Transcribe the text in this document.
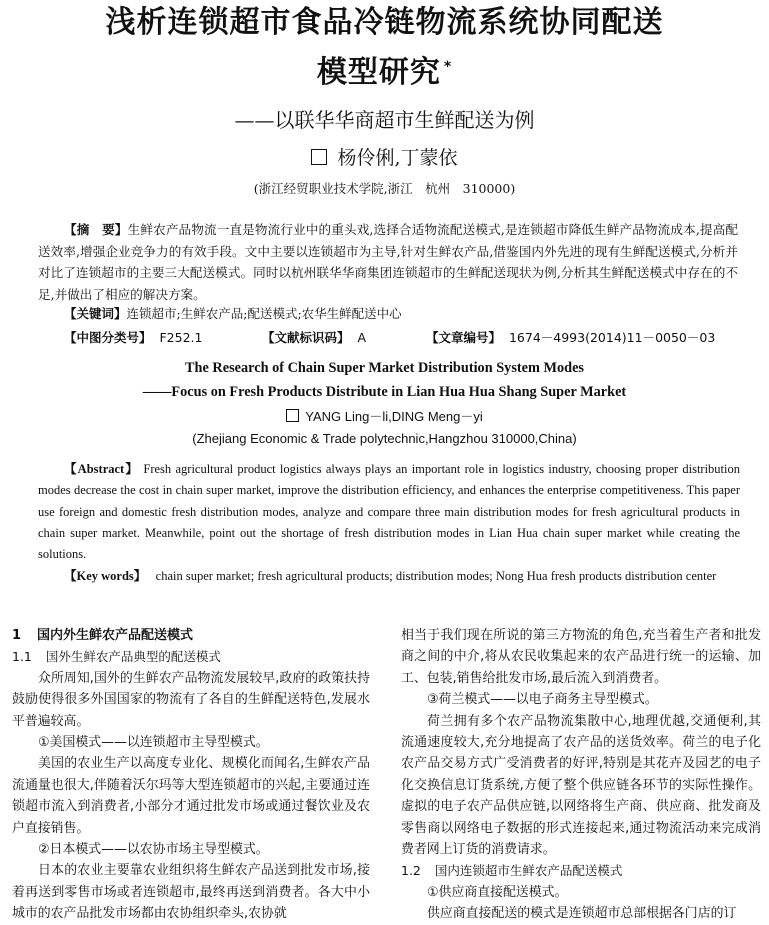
浅析连锁超市食品冷链物流系统协同配送
模型研究 *
——以联华华商超市生鲜配送为例
杨伶俐,丁蒙依
(浙江经贸职业技术学院,浙江　杭州　310000)
【摘　要】生鲜农产品物流一直是物流行业中的重头戏,选择合适物流配送模式,是连锁超市降低生鲜产品物流成本,提高配送效率,增强企业竞争力的有效手段。文中主要以连锁超市为主导,针对生鲜农产品,借鉴国内外先进的现有生鲜配送模式,分析并对比了连锁超市的主要三大配送模式。同时以杭州联华华商集团连锁超市的生鲜配送现状为例,分析其生鲜配送模式中存在的不足,并做出了相应的解决方案。
【关键词】连锁超市;生鲜农产品;配送模式;农华生鲜配送中心
【中图分类号】 F252.1	【文献标识码】 A	【文章编号】 1674－4993(2014)11－0050－03
The Research of Chain Super Market Distribution System Modes
——Focus on Fresh Products Distribute in Lian Hua Hua Shang Super Market
YANG Ling－li,DING Meng－yi
(Zhejiang Economic & Trade polytechnic,Hangzhou 310000,China)
【Abstract】 Fresh agricultural product logistics always plays an important role in logistics industry, choosing proper distribution modes decrease the cost in chain super market, improve the distribution efficiency, and enhances the enterprise competitiveness. This paper use foreign and domestic fresh distribution modes, analyze and compare three main distribution modes for fresh agricultural products in chain super market. Meanwhile, point out the shortage of fresh distribution modes in Lian Hua chain super market while creating the solutions.
【Key words】 chain super market; fresh agricultural products; distribution modes; Nong Hua fresh products distribution center

1 国内外生鲜农产品配送模式

1.1 国外生鲜农产品典型的配送模式

众所周知,国外的生鲜农产品物流发展较早,政府的政策扶持鼓励使得很多外国国家的物流有了各自的生鲜配送特色,发展水平普遍较高。

①美国模式——以连锁超市主导型模式。

美国的农业生产以高度专业化、规模化而闻名,生鲜农产品流通量也很大,伴随着沃尔玛等大型连锁超市的兴起,主要通过连锁超市流入到消费者,小部分才通过批发市场或通过餐饮业及农户直接销售。

②日本模式——以农协市场主导型模式。

日本的农业主要靠农业组织将生鲜农产品送到批发市场,接着再送到零售市场或者连锁超市,最终再送到消费者。各大中小城市的农产品批发市场都由农协组织牵头,农协就

相当于我们现在所说的第三方物流的角色,充当着生产者和批发商之间的中介,将从农民收集起来的农产品进行统一的运输、加工、包装,销售给批发市场,最后流入到消费者。

③荷兰模式——以电子商务主导型模式。

荷兰拥有多个农产品物流集散中心,地理优越,交通便利,其流通速度较大,充分地提高了农产品的送货效率。荷兰的电子化农产品交易方式广受消费者的好评,特别是其花卉及园艺的电子化交换信息订货系统,方便了整个供应链各环节的实际性操作。虚拟的电子农产品供应链,以网络将生产商、供应商、批发商及零售商以网络电子数据的形式连接起来,通过物流活动来完成消费者网上订货的消费请求。

1.2 国内连锁超市生鲜农产品配送模式

①供应商直接配送模式。

供应商直接配送的模式是连锁超市总部根据各门店的订
